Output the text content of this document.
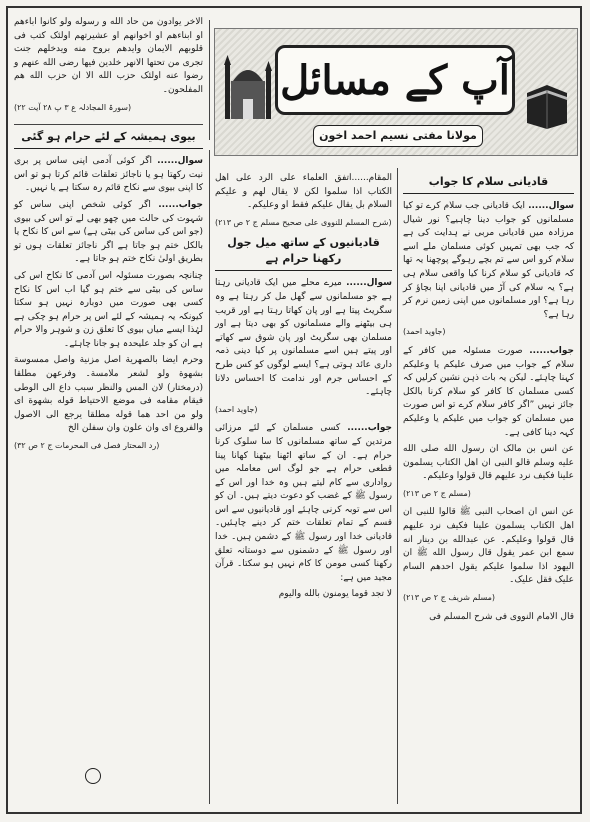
آپ کے مسائل
مولانا مفتی نسیم احمد اخون
قادیانی سلام کا جواب

سوال...... ایک قادیانی جب سلام کرے تو کیا مسلمانوں کو جواب دینا چاہیے؟ نور شیال مرزادہ میں قادیانی مربی نے ہدایت کی ہے کہ جب بھی تمہیں کوئی مسلمان ملے اسے سلام کرو اس سے تم بچے رہوگے پوچھنا یہ تھا کہ قادیانی کو سلام کرنا کیا واقعی سلام ہی ہے؟ یہ سلام کی آڑ میں قادیانی اپنا بچاؤ کر رہا ہے؟ اور مسلمانوں میں اپنی زمین نرم کر رہا ہے؟

(جاوید احمد)

جواب...... صورت مسئولہ میں کافر کے سلام کے جواب میں صرف علیکم یا وعلیکم کہنا چاہئے۔ لیکن یہ بات ذہن نشین کرلیں کہ کسی مسلمان کا کافر کو سلام کرنا بالکل جائز نہیں ”اگر کافر سلام کرے تو اس صورت میں مسلمان کو جواب میں علیکم یا وعلیکم کہہ دینا کافی ہے۔

عن انس بن مالک ان رسول الله صلی الله علیه وسلم قالو النبی ان اهل الکتاب یسلمون علینا فکیف نرد علیهم قال قولوا وعلیکم۔

(مسلم ج ۲ ص ۲۱۳)

عن انس ان اصحاب النبی ﷺ قالوا للنبی ان اهل الکتاب یسلمون علینا فکیف نرد علیهم قال قولوا وعلیکم۔ عن عبدالله بن دینار انه سمع ابن عمر یقول قال رسول الله ﷺ ان الیهود اذا سلموا علیکم یقول احدهم السام علیک فقل علیک۔

(مسلم شریف ج ۲ ص ۲۱۳)

قال الامام النووی فی شرح المسلم فی

المقام......اتفق العلماء علی الرد علی اهل الکتاب اذا سلموا لکن لا یقال لهم و علیکم السلام بل یقال علیکم فقط او وعلیکم۔

(شرح المسلم للنووی علی صحیح مسلم ج ۲ ص ۲۱۳)
قادیانیوں کے ساتھ میل جول رکھنا حرام ہے

سوال...... میرے محلے میں ایک قادیانی رہتا ہے جو مسلمانوں سے گھل مل کر رہتا ہے وہ سگریٹ پیتا ہے اور پان کھاتا رہتا ہے اور قریب ہی بیٹھنے والے مسلمانوں کو بھی دیتا ہے اور مسلمان بھی سگریٹ اور پان شوق سے کھاتے اور پیتے ہیں اسے مسلمانوں پر کیا دینی ذمہ داری عائد ہوتی ہے؟ ایسے لوگوں کو کس طرح کے احساس جرم اور ندامت کا احساس دلانا چاہئے۔

(جاوید احمد)

جواب...... کسی مسلمان کے لئے مرزائی مرتدین کے ساتھ مسلمانوں کا سا سلوک کرنا حرام ہے۔ ان کے ساتھ اٹھنا بیٹھنا کھانا پینا قطعی حرام ہے جو لوگ اس معاملہ میں رواداری سے کام لیتے ہیں وہ خدا اور اس کے رسول ﷺ کے غضب کو دعوت دیتے ہیں۔ ان کو اس سے توبہ کرنی چاہئے اور قادیانیوں سے اس قسم کے تمام تعلقات ختم کر دینے چاہئیں۔ قادیانی خدا اور رسول ﷺ کے دشمن ہیں۔ خدا اور رسول ﷺ کے دشمنوں سے دوستانہ تعلق رکھنا کسی مومن کا کام نہیں ہو سکتا۔ قرآن مجید میں ہے:

لا تجد قوما یومنون بالله والیوم

الاخر یوادون من حاد الله و رسوله ولو کانوا اباءهم او ابناءهم او اخوانهم او عشیرتهم اولئک کتب فی قلوبهم الایمان وایدهم بروح منه ویدخلهم جنت تجری من تحتها الانهر خلدین فیها رضی الله عنهم و رضوا عنه اولئک حزب الله الا ان حزب الله هم المفلحون۔

(سورۃ المجادلہ ع ۳ پ ۲۸ آیت ۲۲)
بیوی ہمیشہ کے لئے حرام ہو گئی

سوال...... اگر کوئی آدمی اپنی ساس پر بری نیت رکھتا ہو یا ناجائز تعلقات قائم کرتا ہو تو اس کا اپنی بیوی سے نکاح قائم رہ سکتا ہے یا نہیں۔

جواب...... اگر کوئی شخص اپنی ساس کو شہوت کی حالت میں چھو بھی لے تو اس کی بیوی (جو اس کی ساس کی بیٹی ہے) سے اس کا نکاح یا بالکل ختم ہو جاتا ہے اگر ناجائز تعلقات ہوں تو بطریق اولیٰ نکاح ختم ہو جاتا ہے۔

چنانچہ بصورت مسئولہ اس آدمی کا نکاح اس کی ساس کی بیٹی سے ختم ہو گیا اب اس کا نکاح کسی بھی صورت میں دوبارہ نہیں ہو سکتا کیونکہ یہ ہمیشہ کے لئے اس پر حرام ہو چکی ہے لہٰذا ایسے میاں بیوی کا تعلق زن و شوہر والا حرام ہے ان کو جلد علیحدہ ہو جانا چاہئے۔

وحرم ایضا بالصهریة اصل مزنیة واصل ممسوسة بشهوة ولو لشعر ملامسة۔ وفرعهن مطلقا (درمختار) لان المس والنظر سبب داع الی الوطی فیقام مقامه فی موضع الاحتیاط قوله بشهوة ای ولو من احد هما قوله مطلقا یرجع الی الاصول والفروع ای وان علون وان سفلن الخ

(رد المحتار فصل فی المحرمات ج ۲ ص ۳۲)
